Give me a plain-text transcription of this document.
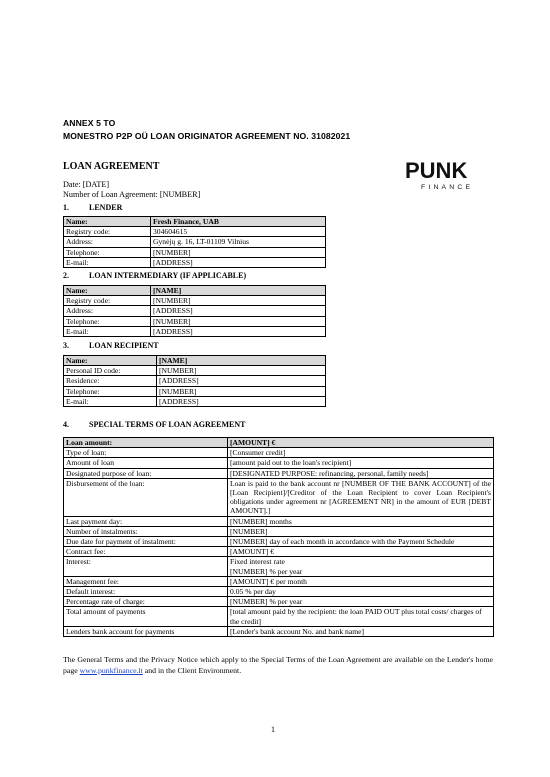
ANNEX 5 TO
MONESTRO P2P OÜ LOAN ORIGINATOR AGREEMENT NO. 31082021
LOAN AGREEMENT
Date: [DATE]
Number of Loan Agreement: [NUMBER]
PUNK
FINANCE
1.	LENDER
Name:	Fresh Finance, UAB
Registry code:	304604615
Address:	Gynėjų g. 16, LT-01109 Vilnius
Telephone:	[NUMBER]
E-mail:	[ADDRESS]
2.	LOAN INTERMEDIARY (IF APPLICABLE)
Name:	[NAME]
Registry code:	[NUMBER]
Address:	[ADDRESS]
Telephone:	[NUMBER]
E-mail:	[ADDRESS]
3.	LOAN RECIPIENT
Name:	[NAME]
Personal ID code:	[NUMBER]
Residence:	[ADDRESS]
Telephone:	[NUMBER]
E-mail:	[ADDRESS]
4.	SPECIAL TERMS OF LOAN AGREEMENT
Loan amount:	[AMOUNT] €
Type of loan:	[Consumer credit]
Amount of loan	[amount paid out to the loan's recipient]
Designated purpose of loan:	[DESIGNATED PURPOSE: refinancing, personal, family needs]
Disbursement of the loan:	Loan is paid to the bank account nr [NUMBER OF THE BANK ACCOUNT] of the [Loan Recipient]/[Creditor of the Loan Recipient to cover Loan Recipient's obligations under agreement nr [AGREEMENT NR] in the amount of EUR [DEBT AMOUNT].]
Last payment day:	[NUMBER] months
Number of instalments:	[NUMBER]
Due date for payment of instalment:	[NUMBER] day of each month in accordance with the Payment Schedule
Contract fee:	[AMOUNT] €
Interest:	Fixed interest rate
[NUMBER] % per year
Management fee:	[AMOUNT] € per month
Default interest:	0.05 % per day
Percentage rate of charge:	[NUMBER] % per year
Total amount of payments	[total amount paid by the recipient: the loan PAID OUT plus total costs/ charges of the credit]
Lenders bank account for payments	[Lender's bank account No. and bank name]
The General Terms and the Privacy Notice which apply to the Special Terms of the Loan Agreement are available on the Lender's home page www.punkfinance.lt and in the Client Environment.
1
